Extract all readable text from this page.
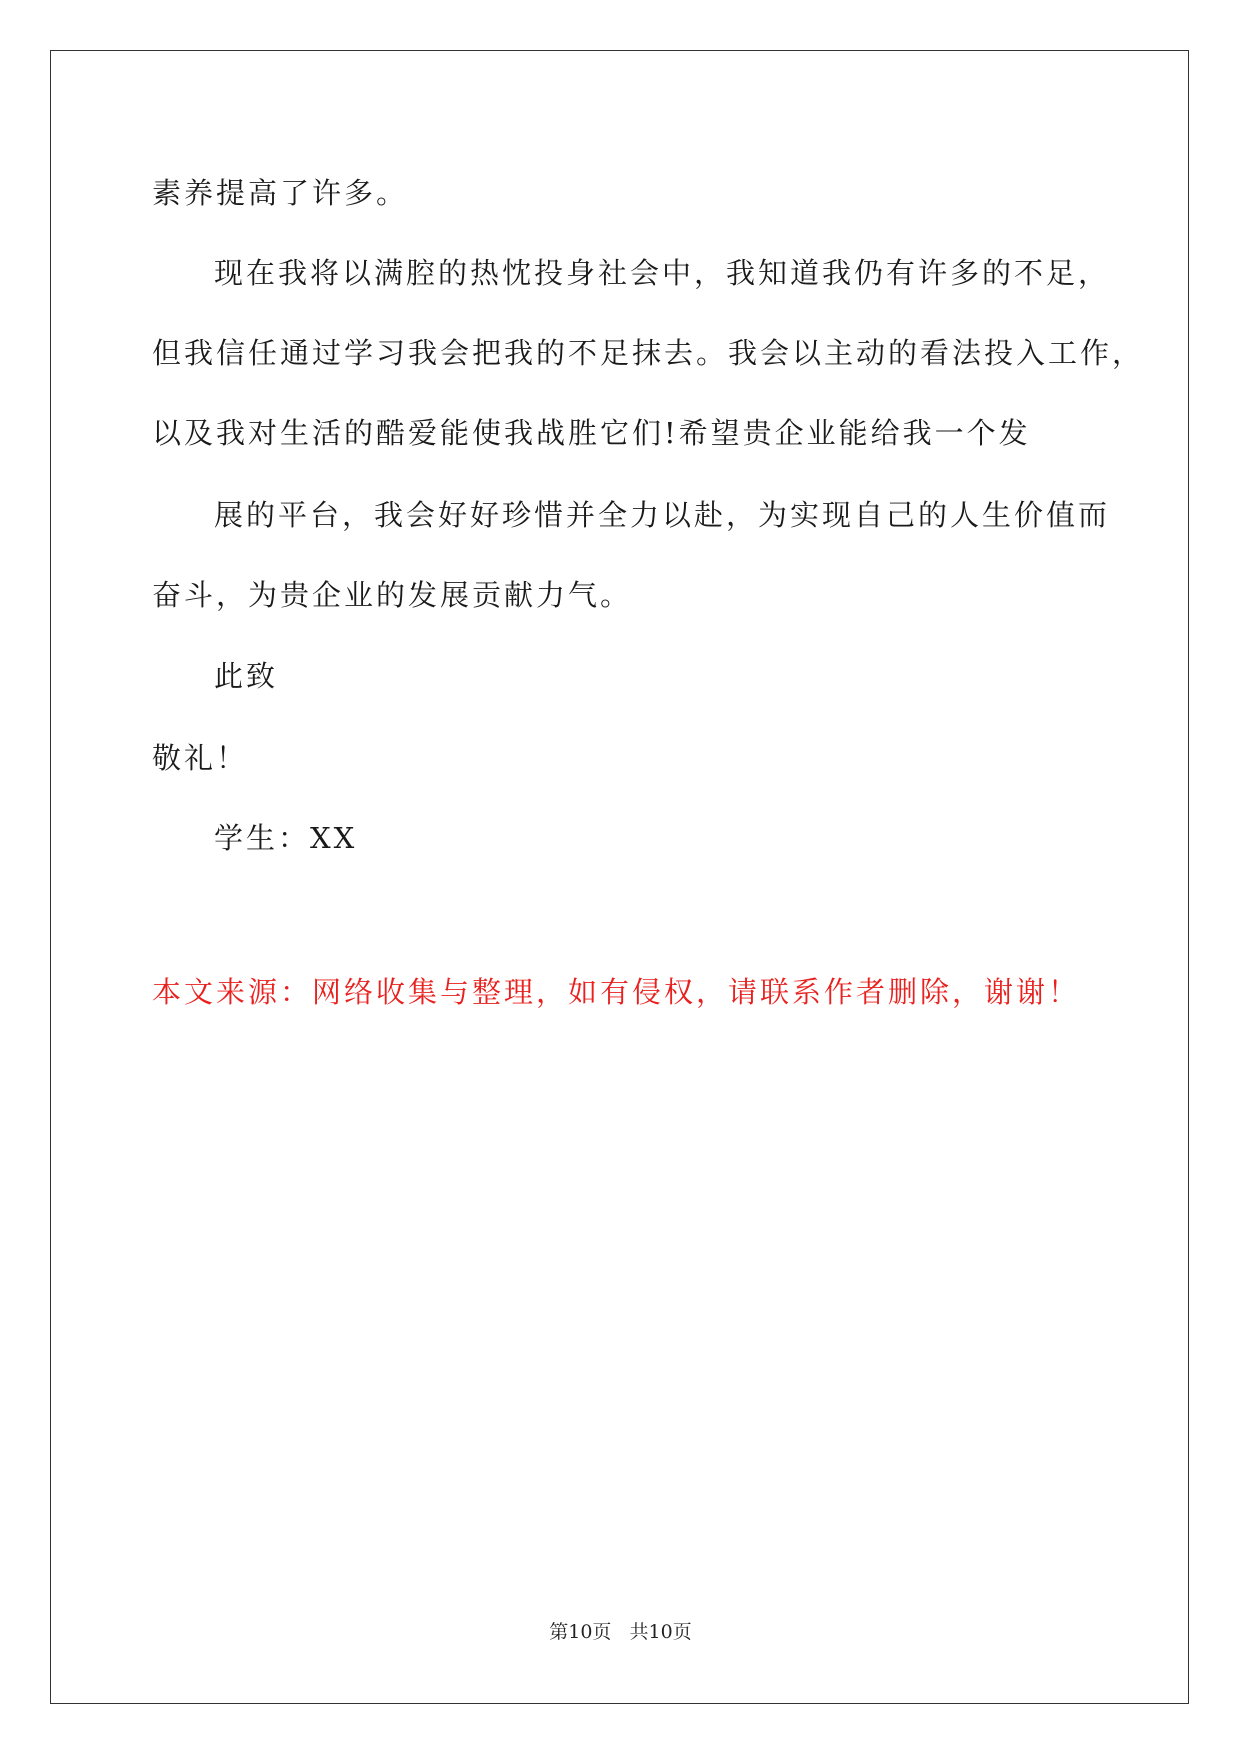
素养提高了许多。
现在我将以满腔的热忱投身社会中，我知道我仍有许多的不足，
但我信任通过学习我会把我的不足抹去。我会以主动的看法投入工作，
以及我对生活的酷爱能使我战胜它们!希望贵企业能给我一个发
展的平台，我会好好珍惜并全力以赴，为实现自己的人生价值而
奋斗，为贵企业的发展贡献力气。
此致
敬礼！
学生：XX
本文来源：网络收集与整理，如有侵权，请联系作者删除，谢谢！
第10页   共10页
